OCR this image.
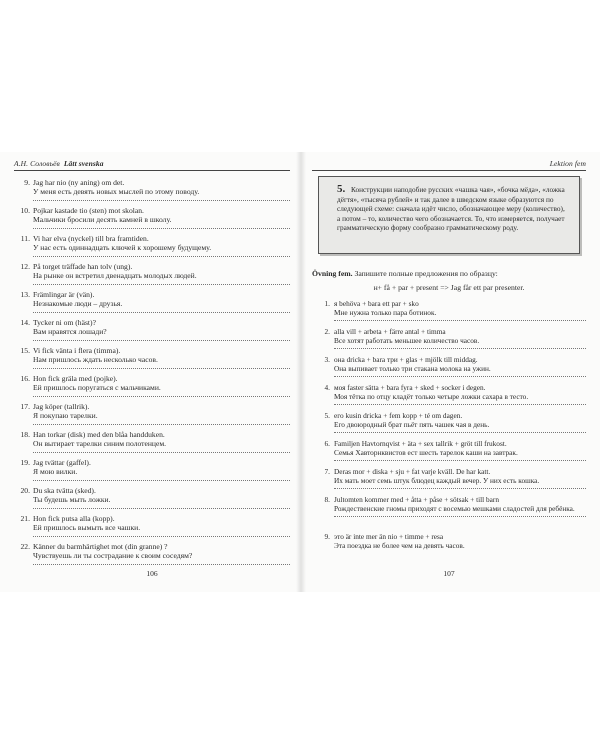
А.Н. Соловьёв Lätt svenska
9. Jag har nio (ny aning) om det.
У меня есть девять новых мыслей по этому поводу.
10. Pojkar kastade tio (sten) mot skolan.
Мальчики бросили десять камней в школу.
11. Vi har elva (nyckel) till bra framtiden.
У нас есть одиннадцать ключей к хорошему будущему.
12. På torget träffade han tolv (ung).
На рынке он встретил двенадцать молодых людей.
13. Främlingar är (vän).
Незнакомые люди – друзья.
14. Tycker ni om (häst)?
Вам нравятся лошади?
15. Vi fick vänta i flera (timma).
Нам пришлось ждать несколько часов.
16. Hon fick gräla med (pojke).
Ей пришлось поругаться с мальчиками.
17. Jag köper (tallrik).
Я покупаю тарелки.
18. Han torkar (disk) med den blåa handduken.
Он вытирает тарелки синим полотенцем.
19. Jag tvättar (gaffel).
Я мою вилки.
20. Du ska tvätta (sked).
Ты будешь мыть ложки.
21. Hon fick putsa alla (kopp).
Ей пришлось вымыть все чашки.
22. Känner du barmhärtighet mot (din granne) ?
Чувствуешь ли ты сострадание к своим соседям?
106
Lektion fem
5. Конструкции наподобие русских «чашка чая», «бочка мёда», «ложка дёгтя», «тысяча рублей» и так далее в шведском языке образуются по следующей схеме: сначала идёт число, обозначающее меру (количество), а потом – то, количество чего обозначается. То, что измеряется, получает грамматическую форму сообразно грамматическому роду.
Övning fem. Запишите полные предложения по образцу:
н+ få + par + present => Jag får ett par presenter.
1. я behöva + bara ett par + sko
Мне нужна только пара ботинок.
2. alla vill + arbeta + färre antal + timma
Все хотят работать меньшее количество часов.
3. она dricka + bara три + glas + mjölk till middag.
Она выпивает только три стакана молока на ужин.
4. моя faster sätta + bara fyra + sked + socker i degen.
Моя тётка по отцу кладёт только четыре ложки сахара в тесто.
5. его kusin dricka + fem kopp + té om dagen.
Его двоюродный брат пьёт пять чашек чая в день.
6. Familjen Havtornqvist + äta + sex tallrik + gröt till frukost.
Семья Хавторнквистов ест шесть тарелок каши на завтрак.
7. Deras mor + diska + sju + fat varje kväll. De har katt.
Их мать моет семь штук блюдец каждый вечер. У них есть кошка.
8. Jultomten kommer med + åtta + påse + sötsak + till barn
Рождественские гномы приходят с восемью мешками сладостей для ребёнка.
9. это är inte mer än nio + timme + resa
Эта поездка не более чем на девять часов.
107
